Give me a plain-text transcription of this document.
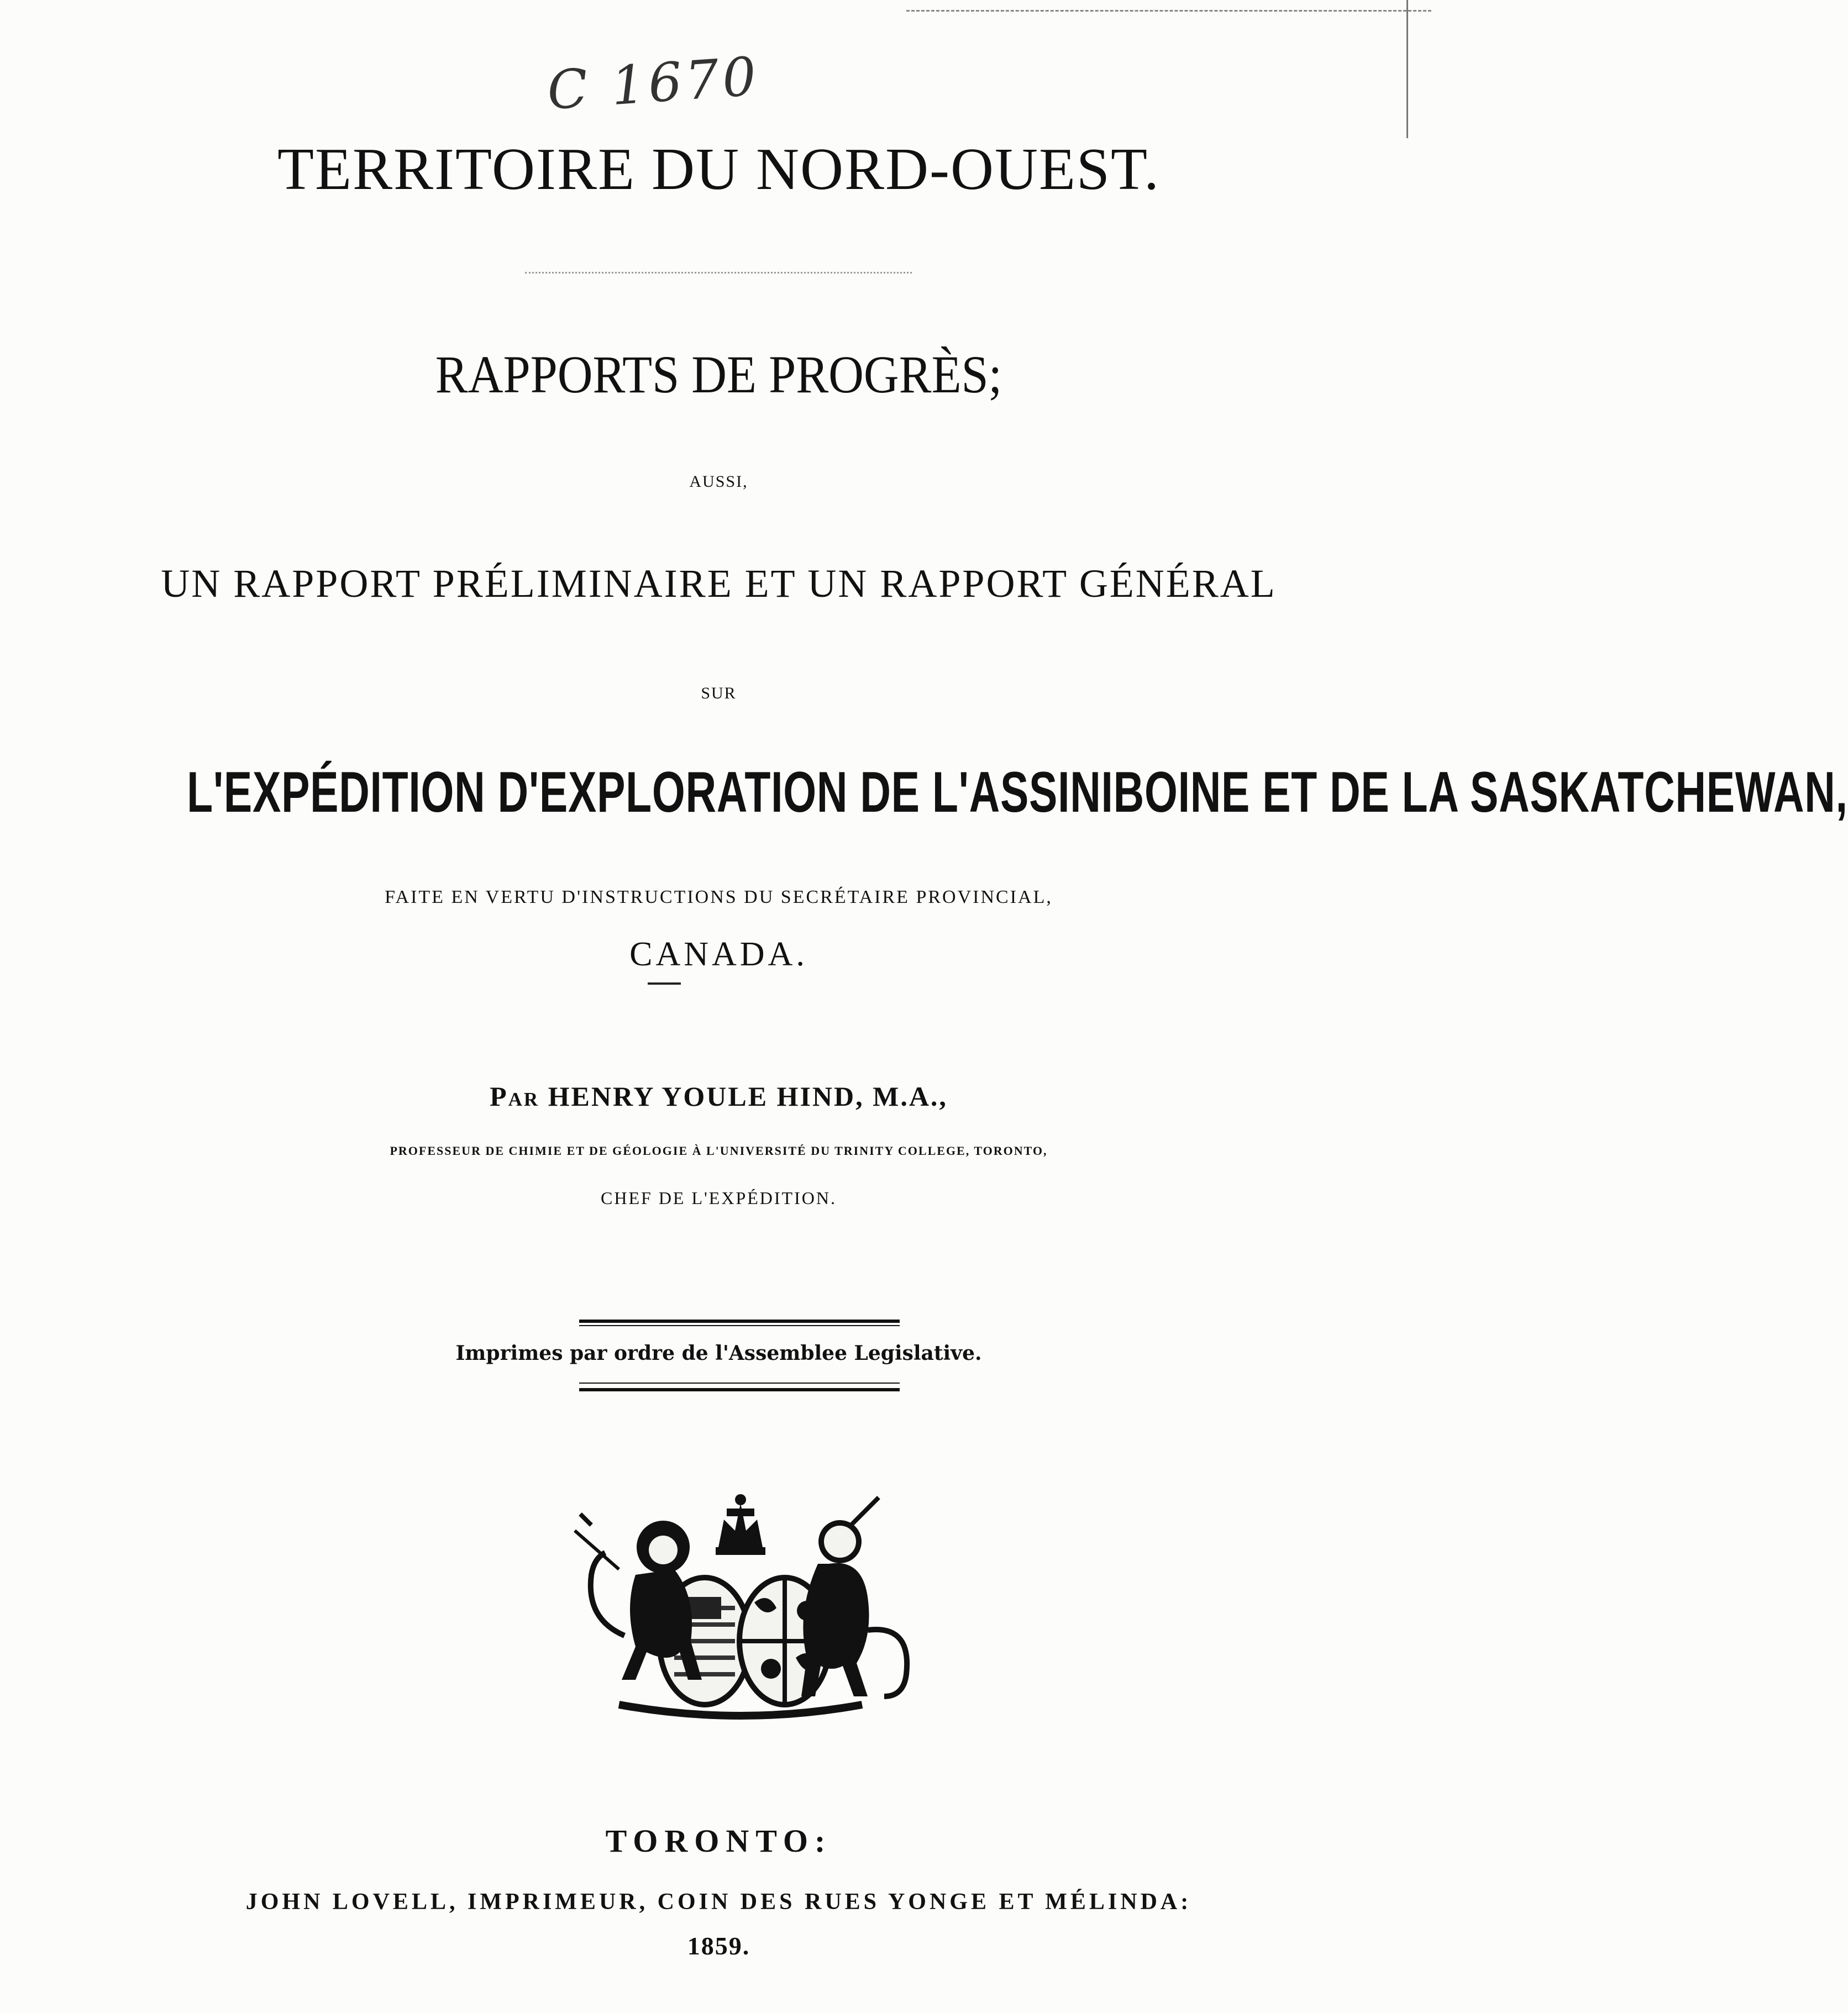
C 1670
TERRITOIRE DU NORD-OUEST.
RAPPORTS DE PROGRÈS;
AUSSI,
UN RAPPORT PRÉLIMINAIRE ET UN RAPPORT GÉNÉRAL
SUR
L'EXPÉDITION D'EXPLORATION DE L'ASSINIBOINE ET DE LA SASKATCHEWAN,
FAITE EN VERTU D'INSTRUCTIONS DU SECRÉTAIRE PROVINCIAL,
CANADA.
Par HENRY YOULE HIND, M.A.,
PROFESSEUR DE CHIMIE ET DE GÉOLOGIE À L'UNIVERSITÉ DU TRINITY COLLEGE, TORONTO,
CHEF DE L'EXPÉDITION.
Imprimes par ordre de l'Assemblee Legislative.
TORONTO:
JOHN LOVELL, IMPRIMEUR, COIN DES RUES YONGE ET MÉLINDA:
1859.
